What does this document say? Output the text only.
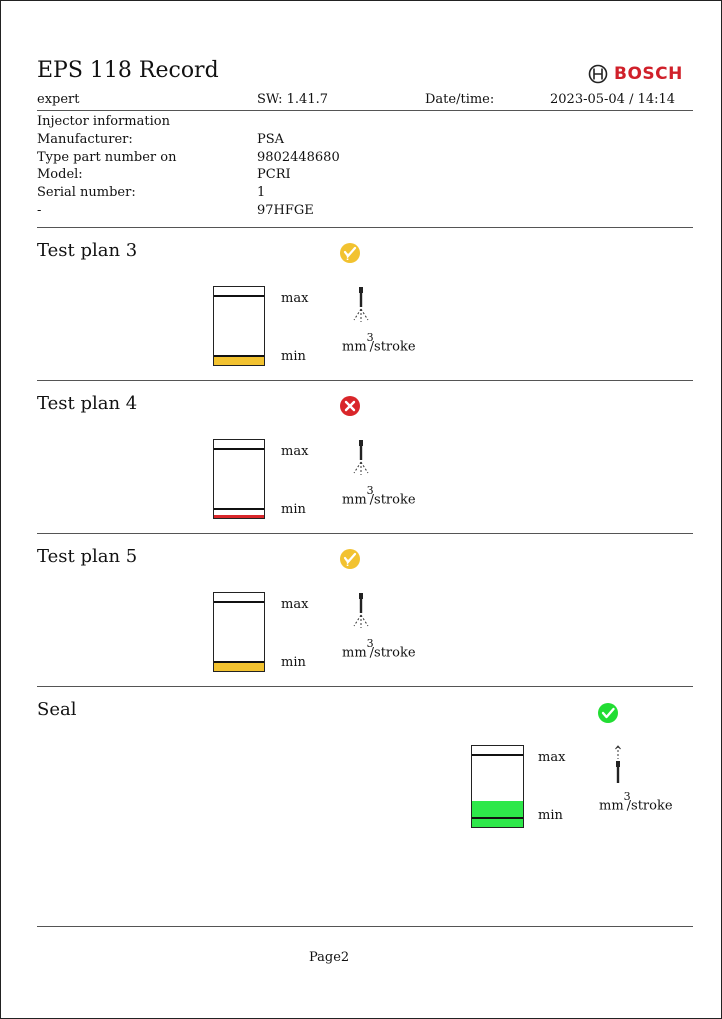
EPS 118 Record	BOSCH
expert	SW: 1.41.7	Date/time:	2023-05-04 / 14:14
Injector information
Manufacturer:	PSA
Type part number on	9802448680
Model:	PCRI
Serial number:	1
-	97HFGE
Test plan 3	!
max
min
$mm^3$/stroke
Test plan 4
max
min
$mm^3$/stroke
Test plan 5	!
max
min
$mm^3$/stroke
Seal
max
min
$mm^3$/stroke
Page2
